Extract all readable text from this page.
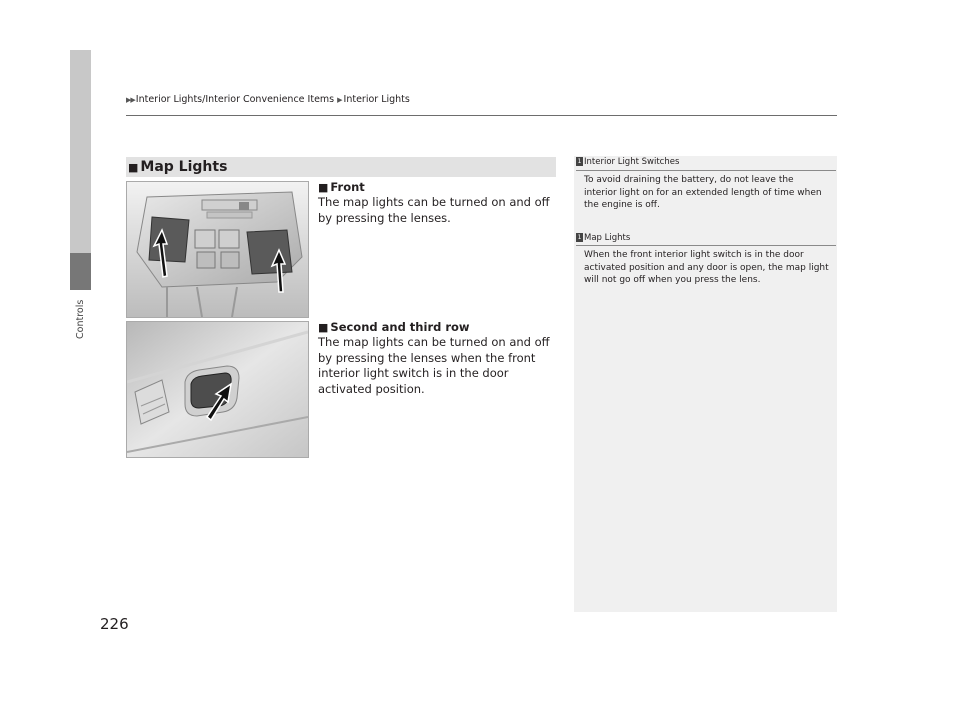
Controls
▶▶ Interior Lights/Interior Convenience Items ▶ Interior Lights
■ Map Lights
■ Front
The map lights can be turned on and off by pressing the lenses.
■ Second and third row
The map lights can be turned on and off by pressing the lenses when the front interior light switch is in the door activated position.
1 Interior Light Switches
To avoid draining the battery, do not leave the interior light on for an extended length of time when the engine is off.
1 Map Lights
When the front interior light switch is in the door activated position and any door is open, the map light will not go off when you press the lens.
226
